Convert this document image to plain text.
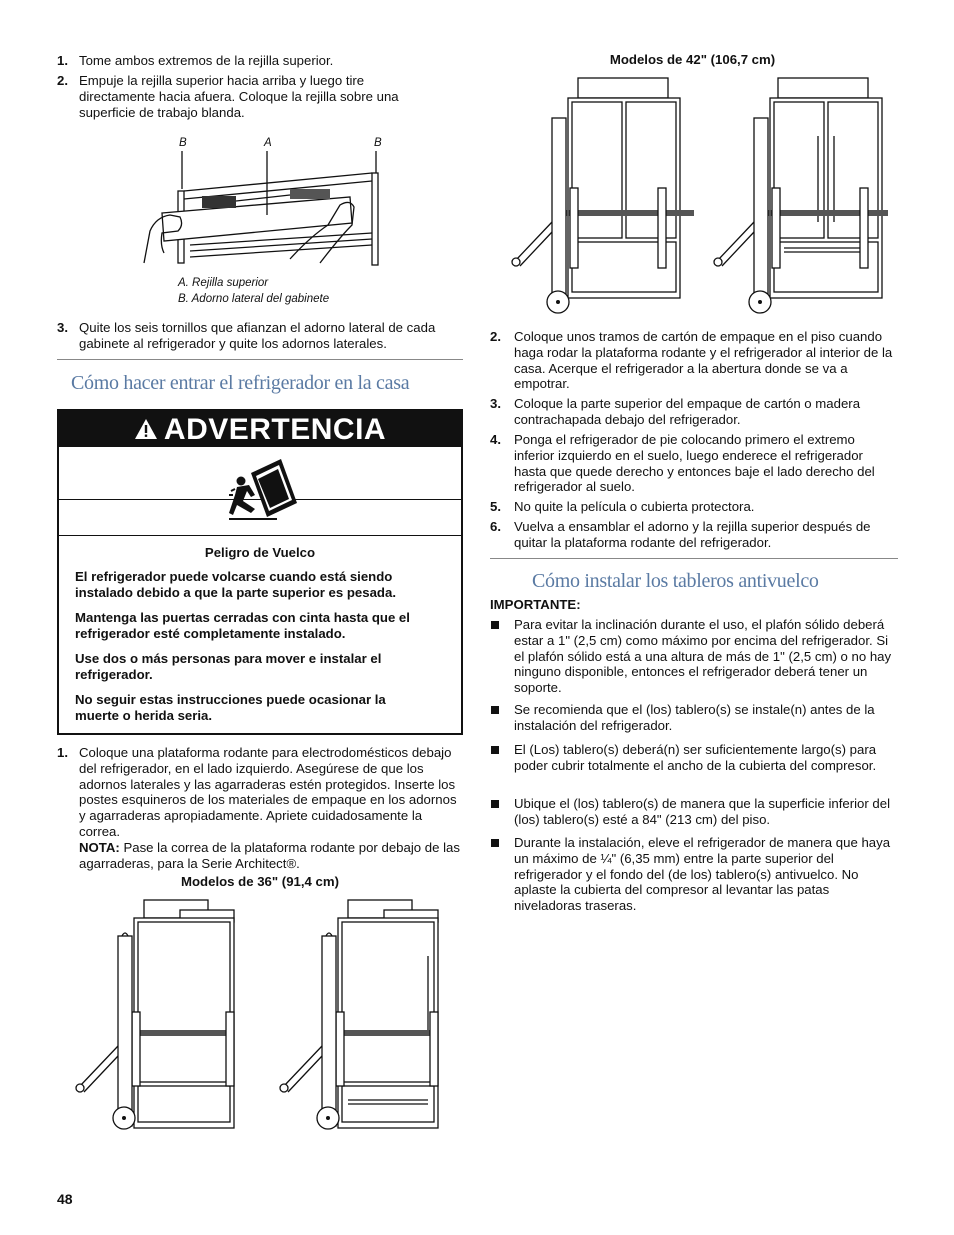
1. Tome ambos extremos de la rejilla superior.
2. Empuje la rejilla superior hacia arriba y luego tire directamente hacia afuera. Coloque la rejilla sobre una superficie de trabajo blanda.
B	A	B
A. Rejilla superior
B. Adorno lateral del gabinete
3. Quite los seis tornillos que afianzan el adorno lateral de cada gabinete al refrigerador y quite los adornos laterales.
Cómo hacer entrar el refrigerador en la casa
ADVERTENCIA
Peligro de Vuelco

El refrigerador puede volcarse cuando está siendo instalado debido a que la parte superior es pesada.

Mantenga las puertas cerradas con cinta hasta que el refrigerador esté completamente instalado.

Use dos o más personas para mover e instalar el refrigerador.

No seguir estas instrucciones puede ocasionar la muerte o herida seria.

1. Coloque una plataforma rodante para electrodomésticos debajo del refrigerador, en el lado izquierdo. Asegúrese de que los adornos laterales y las agarraderas estén protegidos. Inserte los postes esquineros de los materiales de empaque en los adornos y agarraderas apropiadamente. Apriete cuidadosamente la correa.
NOTA: Pase la correa de la plataforma rodante por debajo de las agarraderas, para la Serie Architect®.
Modelos de 36" (91,4 cm)
48
Modelos de 42" (106,7 cm)
2. Coloque unos tramos de cartón de empaque en el piso cuando haga rodar la plataforma rodante y el refrigerador al interior de la casa. Acerque el refrigerador a la abertura donde se va a empotrar.
3. Coloque la parte superior del empaque de cartón o madera contrachapada debajo del refrigerador.
4. Ponga el refrigerador de pie colocando primero el extremo inferior izquierdo en el suelo, luego enderece el refrigerador hasta que quede derecho y entonces baje el lado derecho del refrigerador al suelo.
5. No quite la película o cubierta protectora.
6. Vuelva a ensamblar el adorno y la rejilla superior después de quitar la plataforma rodante del refrigerador.
Cómo instalar los tableros antivuelco
IMPORTANTE:
Para evitar la inclinación durante el uso, el plafón sólido deberá estar a 1" (2,5 cm) como máximo por encima del refrigerador. Si el plafón sólido está a una altura de más de 1" (2,5 cm) o no hay ninguno disponible, entonces el refrigerador deberá tener un soporte.
Se recomienda que el (los) tablero(s) se instale(n) antes de la instalación del refrigerador.
El (Los) tablero(s) deberá(n) ser suficientemente largo(s) para poder cubrir totalmente el ancho de la cubierta del compresor.
Ubique el (los) tablero(s) de manera que la superficie inferior del (los) tablero(s) esté a 84" (213 cm) del piso.
Durante la instalación, eleve el refrigerador de manera que haya un máximo de ¼" (6,35 mm) entre la parte superior del refrigerador y el fondo del (de los) tablero(s) antivuelco. No aplaste la cubierta del compresor al levantar las patas niveladoras traseras.
